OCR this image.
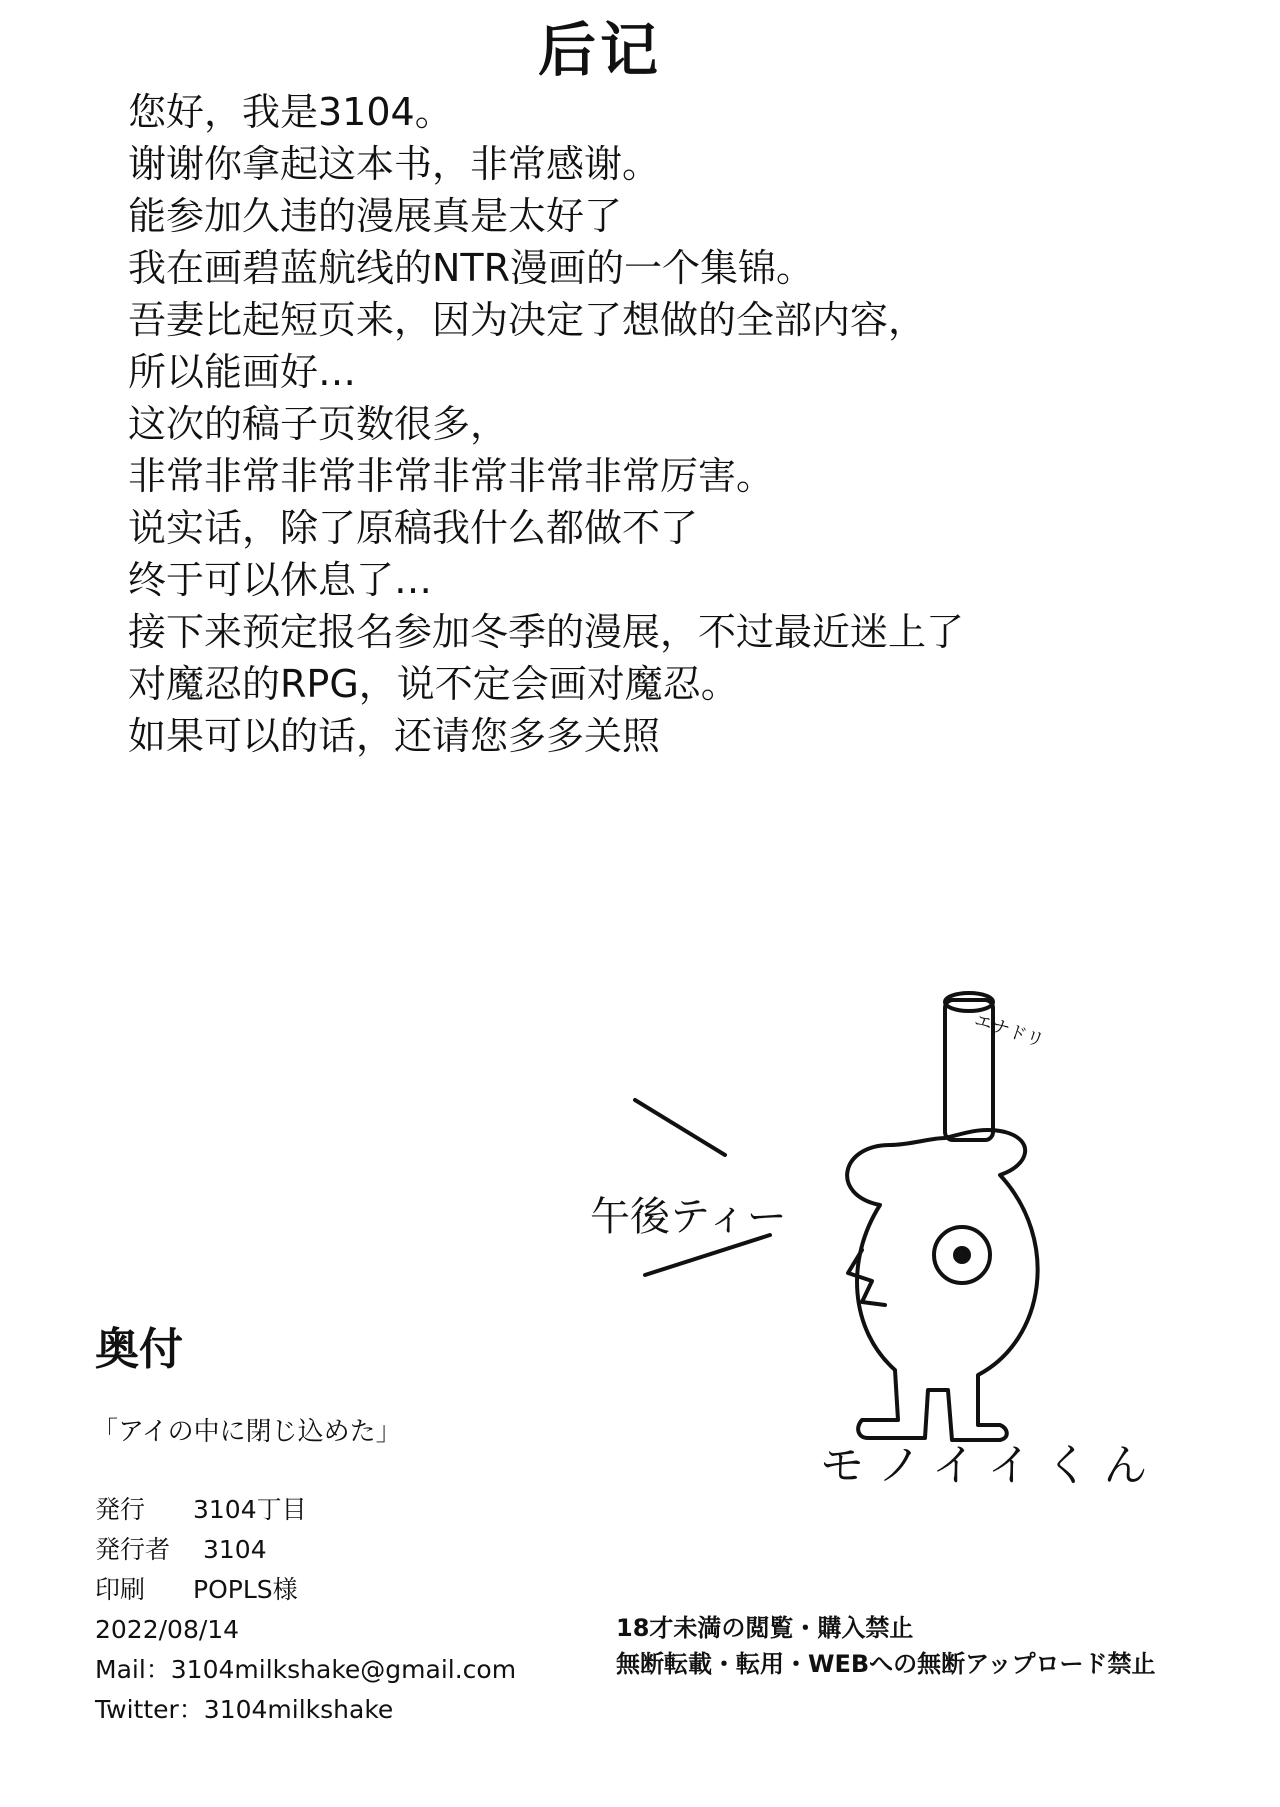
后记
您好，我是3104。
谢谢你拿起这本书，非常感谢。
能参加久违的漫展真是太好了
我在画碧蓝航线的NTR漫画的一个集锦。
吾妻比起短页来，因为决定了想做的全部内容，
所以能画好…
这次的稿子页数很多，
非常非常非常非常非常非常非常厉害。
说实话，除了原稿我什么都做不了
终于可以休息了…
接下来预定报名参加冬季的漫展，不过最近迷上了
对魔忍的RPG，说不定会画对魔忍。
如果可以的话，还请您多多关照
午後ティー
エナドリ
モノイイくん
奥付
「アイの中に閉じ込めた」
発行 3104丁目
発行者 3104
印刷 POPLS様
2022/08/14
Mail：3104milkshake@gmail.com
Twitter：3104milkshake
18才未満の閲覧・購入禁止
無断転載・転用・WEBへの無断アップロード禁止
